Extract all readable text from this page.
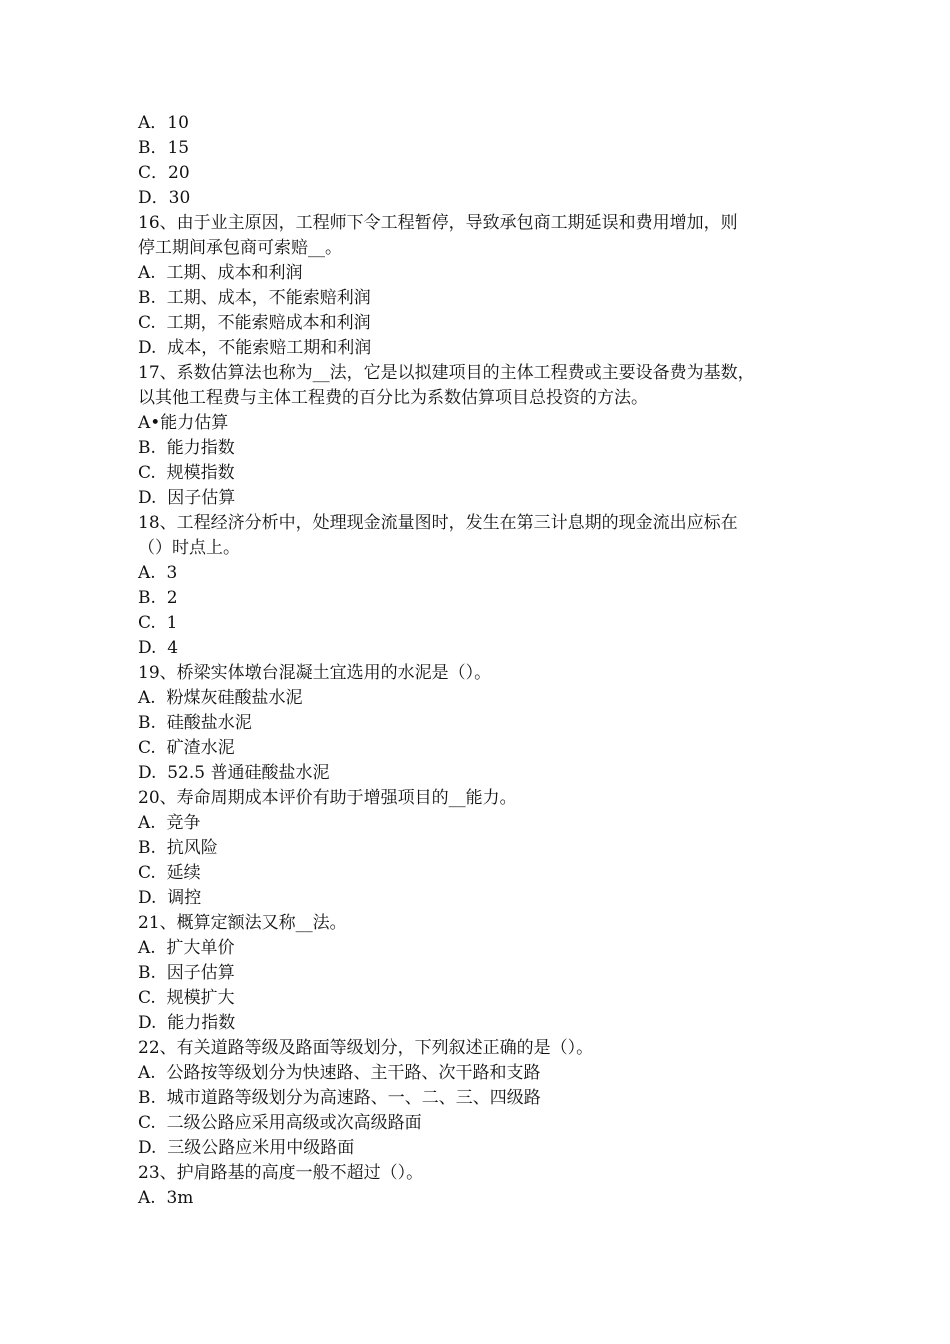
A．10
B．15
C．20
D．30
16、由于业主原因，工程师下令工程暂停，导致承包商工期延误和费用增加，则
停工期间承包商可索赔__。
A.  工期、成本和利润
B.  工期、成本，不能索赔利润
C.  工期，不能索赔成本和利润
D.  成本，不能索赔工期和利润
17、系数估算法也称为__法，它是以拟建项目的主体工程费或主要设备费为基数，
以其他工程费与主体工程费的百分比为系数估算项目总投资的方法。
A•能力估算
B.  能力指数
C.  规模指数
D.  因子估算
18、工程经济分析中，处理现金流量图时，发生在第三计息期的现金流出应标在
（）时点上。
A.  3
B.  2
C.  1
D.  4
19、桥梁实体墩台混凝土宜选用的水泥是（）。
A.  粉煤灰硅酸盐水泥
B.  硅酸盐水泥
C.  矿渣水泥
D.  52.5 普通硅酸盐水泥
20、寿命周期成本评价有助于增强项目的__能力。
A.  竞争
B.  抗风险
C.  延续
D.  调控
21、概算定额法又称__法。
A.  扩大单价
B.  因子估算
C.  规模扩大
D.  能力指数
22、有关道路等级及路面等级划分，下列叙述正确的是（）。
A.  公路按等级划分为快速路、主干路、次干路和支路
B.  城市道路等级划分为高速路、一、二、三、四级路
C.  二级公路应采用高级或次高级路面
D.  三级公路应米用中级路面
23、护肩路基的高度一般不超过（）。
A.  3m
